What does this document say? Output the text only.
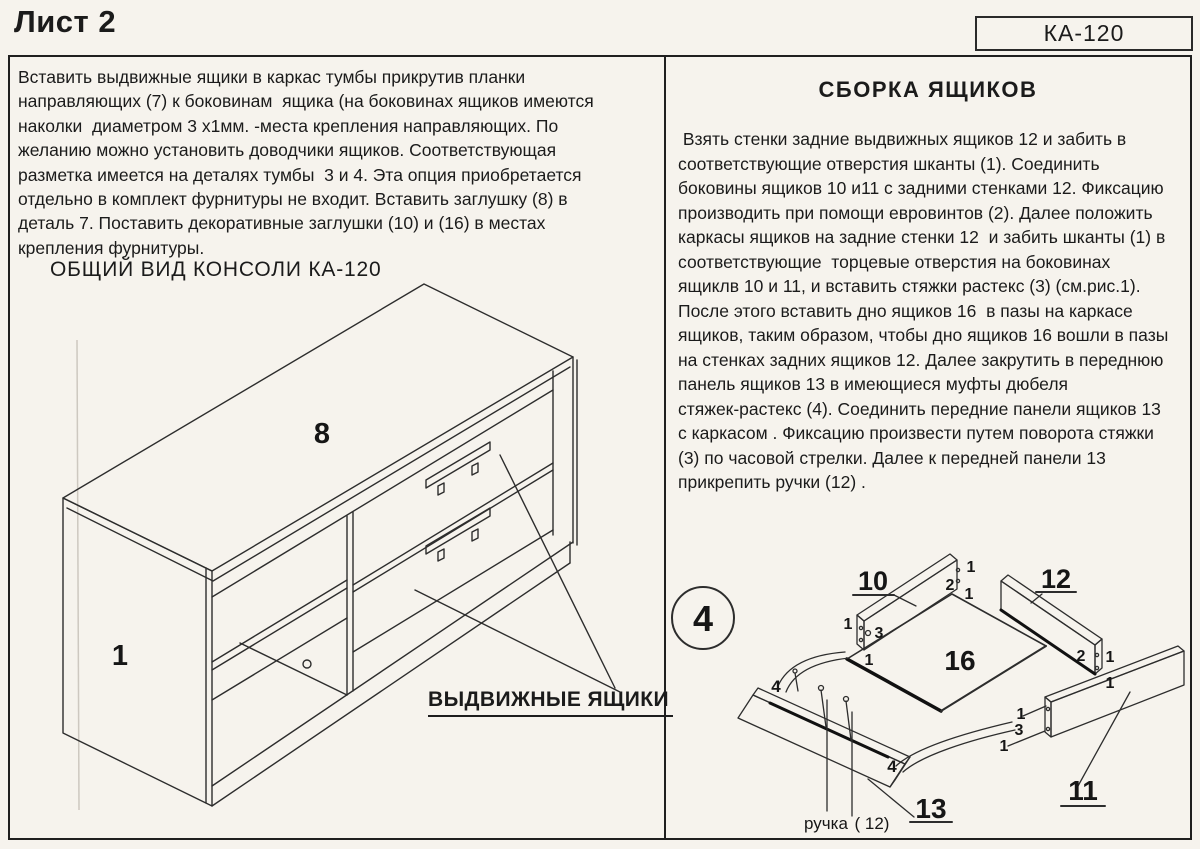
Лист 2	КА-120
Вставить выдвижные ящики в каркас тумбы прикрутив планки
направляющих (7) к боковинам  ящика (на боковинах ящиков имеются
наколки  диаметром 3 х1мм. -места крепления направляющих. По
желанию можно установить доводчики ящиков. Соответствующая
разметка имеется на деталях тумбы  3 и 4. Эта опция приобретается
отдельно в комплект фурнитуры не входит. Вставить заглушку (8) в
деталь 7. Поставить декоративные заглушки (10) и (16) в местах
крепления фурнитуры.
ОБЩИЙ ВИД КОНСОЛИ КА-120
СБОРКА ЯЩИКОВ
Взять стенки задние выдвижных ящиков 12 и забить в
соответствующие отверстия шканты (1). Соединить
боковины ящиков 10 и11 с задними стенками 12. Фиксацию
производить при помощи евровинтов (2). Далее положить
каркасы ящиков на задние стенки 12  и забить шканты (1) в
соответствующие  торцевые отверстия на боковинах
ящиклв 10 и 11, и вставить стяжки растекс (3) (см.рис.1).
После этого вставить дно ящиков 16  в пазы на каркасе
ящиков, таким образом, чтобы дно ящиков 16 вошли в пазы
на стенках задних ящиков 12. Далее закрутить в переднюю
панель ящиков 13 в имеющиеся муфты дюбеля
стяжек-растекс (4). Соединить передние панели ящиков 13
с каркасом . Фиксацию произвести путем поворота стяжки
(3) по часовой стрелки. Далее к передней панели 13
прикрепить ручки (12) .
ВЫДВИЖНЫЕ ЯЩИКИ
8
1
4
10	12
16
11
13
1
2
1
1
3
1	2 1
1
4
1
3
1
4
ручка ( 12)
